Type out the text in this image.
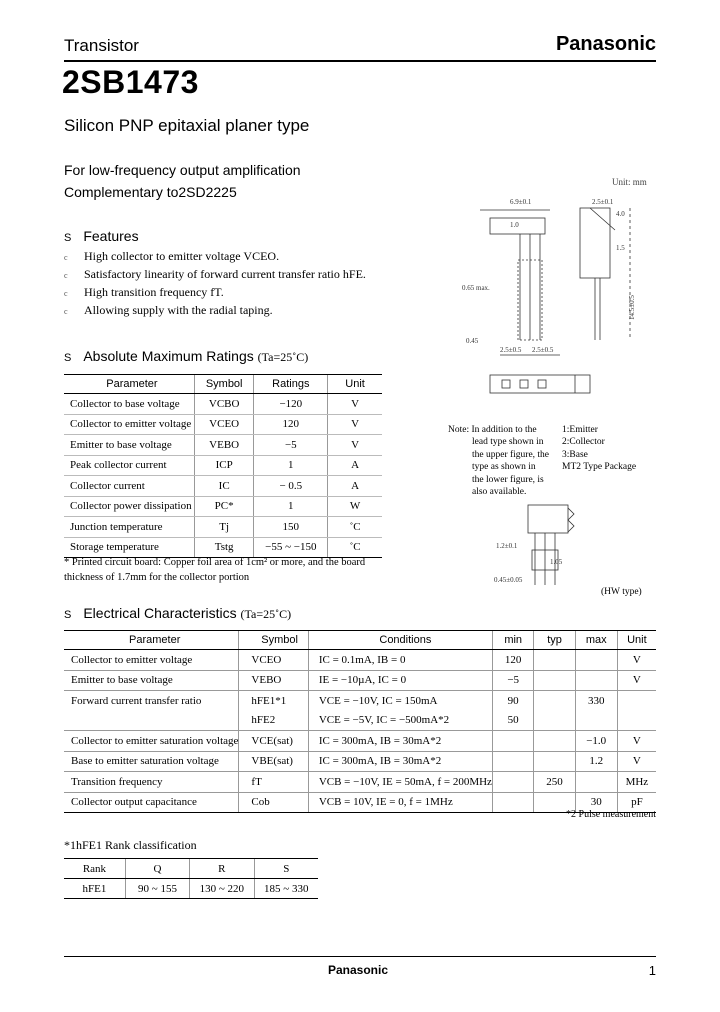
Transistor	Panasonic
2SB1473
Silicon PNP epitaxial planer type
For low-frequency output amplification
Complementary to2SD2225
Unit: mm
S Features
c High collector to emitter voltage VCEO.
c Satisfactory linearity of forward current transfer ratio hFE.
c High transition frequency fT.
c Allowing supply with the radial taping.
S Absolute Maximum Ratings (Ta=25˚C)
Parameter	Symbol	Ratings	Unit
Collector to base voltage	VCBO	−120	V
Collector to emitter voltage	VCEO	120	V
Emitter to base voltage	VEBO	−5	V
Peak collector current	ICP	1	A
Collector current	IC	− 0.5	A
Collector power dissipation	PC*	1	W
Junction temperature	Tj	150	˚C
Storage temperature	Tstg	−55 ~ −150	˚C
* Printed circuit board: Copper foil area of 1cm² or more, and the board thickness of 1.7mm for the collector portion
S Electrical Characteristics (Ta=25˚C)
Parameter	Symbol	Conditions	min	typ	max	Unit
Collector to emitter voltage	VCEO	IC = 0.1mA, IB = 0	120			V
Emitter to base voltage	VEBO	IE = −10µA, IC = 0	−5			V
Forward current transfer ratio	hFE1*1	VCE = −10V, IC = 150mA	90		330	
	hFE2	VCE = −5V, IC = −500mA*2	50			
Collector to emitter saturation voltage	VCE(sat)	IC = 300mA, IB = 30mA*2			−1.0	V
Base to emitter saturation voltage	VBE(sat)	IC = 300mA, IB = 30mA*2			1.2	V
Transition frequency	fT	VCB = −10V, IE = 50mA, f = 200MHz		250		MHz
Collector output capacitance	Cob	VCB = 10V, IE = 0, f = 1MHz			30	pF
*2 Pulse measurement
*1hFE1 Rank classification
Rank	Q	R	S
hFE1	90 ~ 155	130 ~ 220	185 ~ 330
6.9±0.1
1.0
2.5±0.1
4.0
0.65 max.
1.5
0.45
2.5±0.5 2.5±0.5
1.2±0.1
0.45±0.05
14.5±0.5
1.05
Note: In addition to the
lead type shown in
the upper figure, the
type as shown in
the lower figure, is
also available.
1:Emitter
2:Collector
3:Base
MT2 Type Package
(HW type)
Panasonic	1
